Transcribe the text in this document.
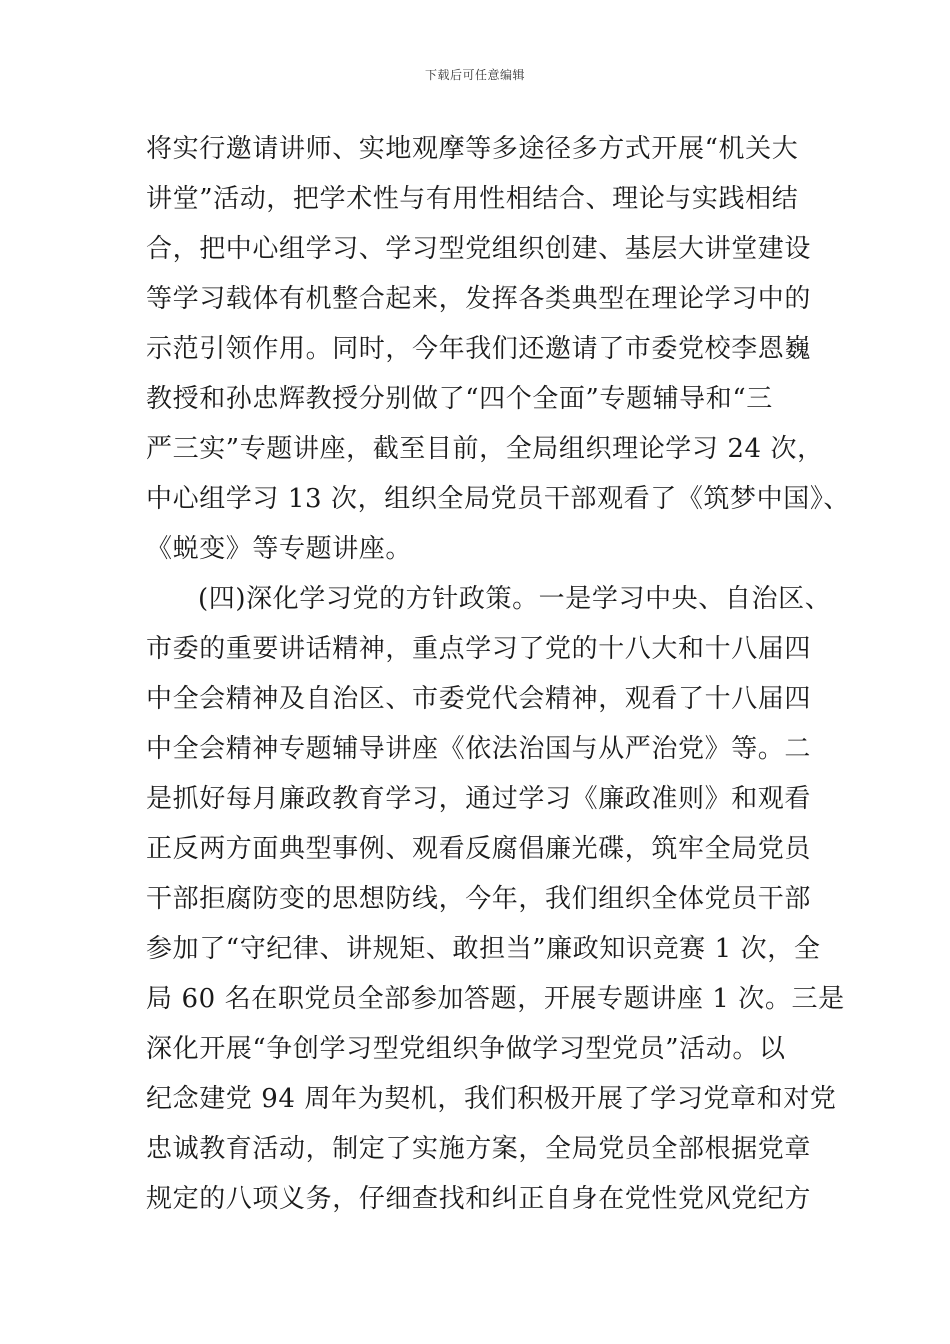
下载后可任意编辑
将实行邀请讲师、实地观摩等多途径多方式开展“机关大
讲堂”活动，把学术性与有用性相结合、理论与实践相结
合，把中心组学习、学习型党组织创建、基层大讲堂建设
等学习载体有机整合起来，发挥各类典型在理论学习中的
示范引领作用。同时，今年我们还邀请了市委党校李恩巍
教授和孙忠辉教授分别做了“四个全面”专题辅导和“三
严三实”专题讲座，截至目前，全局组织理论学习 24 次，
中心组学习 13 次，组织全局党员干部观看了《筑梦中国》、
《蜕变》等专题讲座。
(四)深化学习党的方针政策。一是学习中央、自治区、
市委的重要讲话精神，重点学习了党的十八大和十八届四
中全会精神及自治区、市委党代会精神，观看了十八届四
中全会精神专题辅导讲座《依法治国与从严治党》等。二
是抓好每月廉政教育学习，通过学习《廉政准则》和观看
正反两方面典型事例、观看反腐倡廉光碟，筑牢全局党员
干部拒腐防变的思想防线，今年，我们组织全体党员干部
参加了“守纪律、讲规矩、敢担当”廉政知识竞赛 1 次，全
局 60 名在职党员全部参加答题，开展专题讲座 1 次。三是
深化开展“争创学习型党组织争做学习型党员”活动。以
纪念建党 94 周年为契机，我们积极开展了学习党章和对党
忠诚教育活动，制定了实施方案，全局党员全部根据党章
规定的八项义务，仔细查找和纠正自身在党性党风党纪方
